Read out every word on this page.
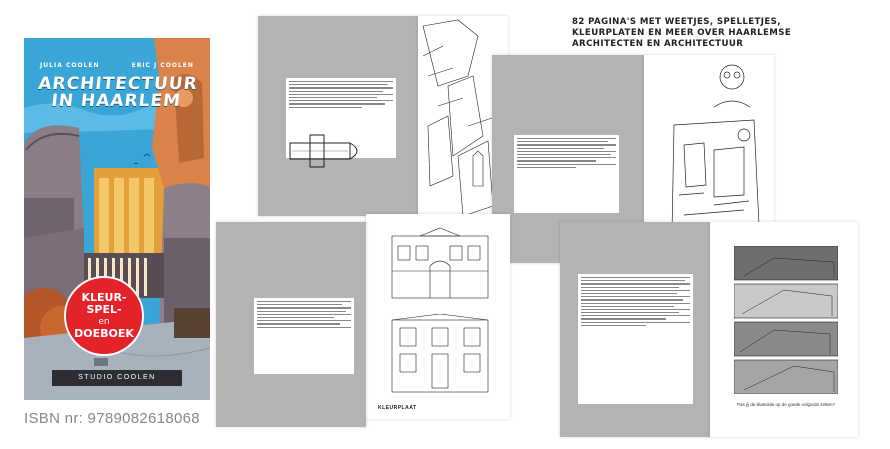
JULIA COOLEN	ERIC J COOLEN
ARCHITECTUUR
IN HAARLEM
KLEUR-
SPEL-
en
DOEBOEK
STUDIO COOLEN
ISBN nr: 9789082618068
82 PAGINA'S MET WEETJES, SPELLETJES,
KLEURPLATEN EN MEER OVER HAARLEMSE
ARCHITECTEN EN ARCHITECTUUR
KLEURPLAAT
Pas jij de illustratie op de goede volgorde zetten?
